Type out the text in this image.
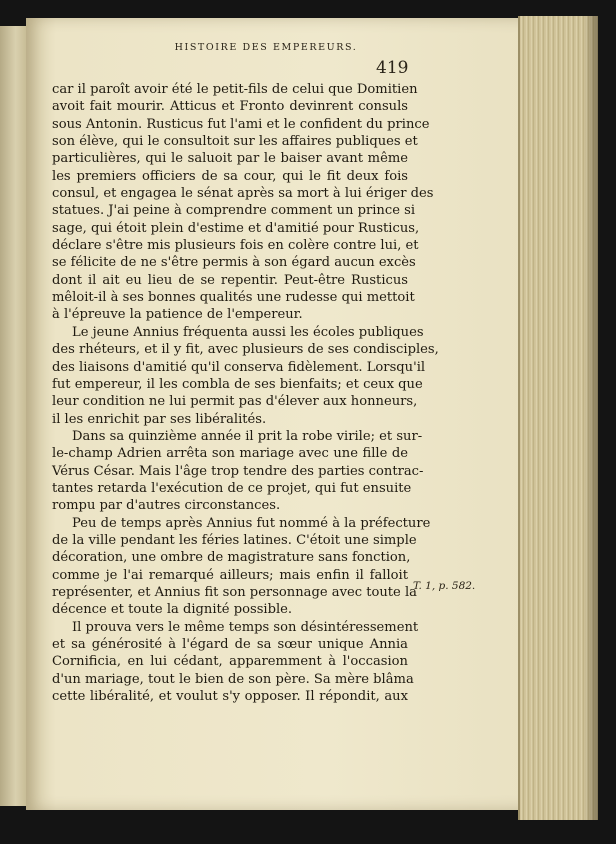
HISTOIRE DES EMPEREURS.
419
car il paroît avoir été le petit-fils de celui que Domitien
avoit fait mourir. Atticus et Fronto devinrent consuls
sous Antonin. Rusticus fut l'ami et le confident du prince
son élève, qui le consultoit sur les affaires publiques et
particulières, qui le saluoit par le baiser avant même
les premiers officiers de sa cour, qui le fit deux fois
consul, et engagea le sénat après sa mort à lui ériger des
statues. J'ai peine à comprendre comment un prince si
sage, qui étoit plein d'estime et d'amitié pour Rusticus,
déclare s'être mis plusieurs fois en colère contre lui, et
se félicite de ne s'être permis à son égard aucun excès
dont il ait eu lieu de se repentir. Peut-être Rusticus
mêloit-il à ses bonnes qualités une rudesse qui mettoit
à l'épreuve la patience de l'empereur.
Le jeune Annius fréquenta aussi les écoles publiques
des rhéteurs, et il y fit, avec plusieurs de ses condisciples,
des liaisons d'amitié qu'il conserva fidèlement. Lorsqu'il
fut empereur, il les combla de ses bienfaits; et ceux que
leur condition ne lui permit pas d'élever aux honneurs,
il les enrichit par ses libéralités.
Dans sa quinzième année il prit la robe virile; et sur-
le-champ Adrien arrêta son mariage avec une fille de
Vérus César. Mais l'âge trop tendre des parties contrac-
tantes retarda l'exécution de ce projet, qui fut ensuite
rompu par d'autres circonstances.
Peu de temps après Annius fut nommé à la préfecture
de la ville pendant les féries latines. C'étoit une simple
décoration, une ombre de magistrature sans fonction,
comme je l'ai remarqué ailleurs; mais enfin il falloit
représenter, et Annius fit son personnage avec toute la
décence et toute la dignité possible.
Il prouva vers le même temps son désintéressement
et sa générosité à l'égard de sa sœur unique Annia
Cornificia, en lui cédant, apparemment à l'occasion
d'un mariage, tout le bien de son père. Sa mère blâma
cette libéralité, et voulut s'y opposer. Il répondit, aux
T. 1, p. 582.
